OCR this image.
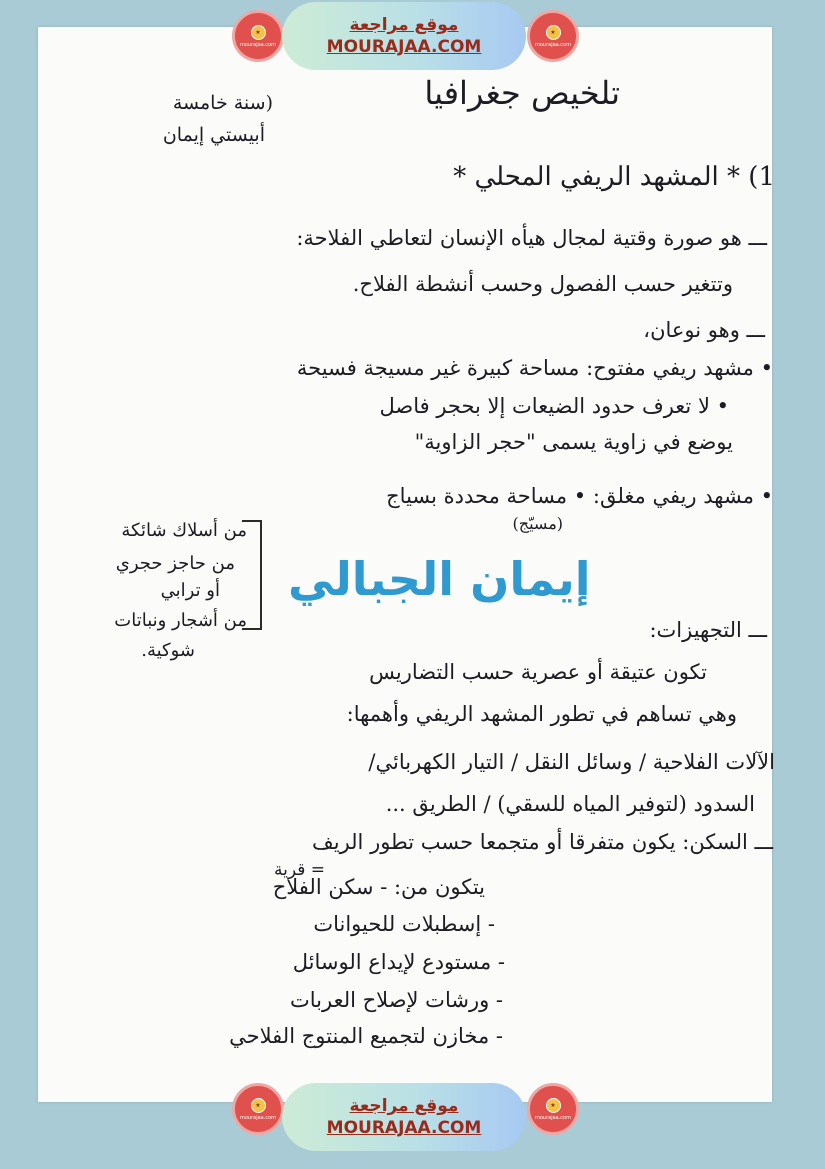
★
mourajaa.com
★
mourajaa.com
موقع مراجعة
MOURAJAA.COM
تلخيص جغرافيا
(سنة خامسة
أبيستي إيمان
1) * المشهد الريفي المحلي *
ـــ هو صورة وقتية لمجال هيأه الإنسان لتعاطي الفلاحة:
وتتغير حسب الفصول وحسب أنشطة الفلاح.
ـــ وهو نوعان،
• مشهد ريفي مفتوح: مساحة كبيرة غير مسيجة فسيحة
• لا تعرف حدود الضيعات إلا بحجر فاصل
يوضع في زاوية يسمى "حجر الزاوية"
• مشهد ريفي مغلق: • مساحة محددة بسياج
(مسيّج)
من أسلاك شائكة
من حاجز حجري
أو ترابي
من أشجار ونباتات
شوكية.
إيمان الجبالي
ـــ التجهيزات:
تكون عتيقة أو عصرية حسب التضاريس
وهي تساهم في تطور المشهد الريفي وأهمها:
الآلات الفلاحية / وسائل النقل / التيار الكهربائي/
السدود (لتوفير المياه للسقي) / الطريق ...
ـــ السكن: يكون متفرقا أو متجمعا حسب تطور الريف
= قرية
يتكون من: - سكن الفلاح
- إسطبلات للحيوانات
- مستودع لإيداع الوسائل
- ورشات لإصلاح العربات
- مخازن لتجميع المنتوج الفلاحي
★
mourajaa.com
★
mourajaa.com
موقع مراجعة
MOURAJAA.COM
